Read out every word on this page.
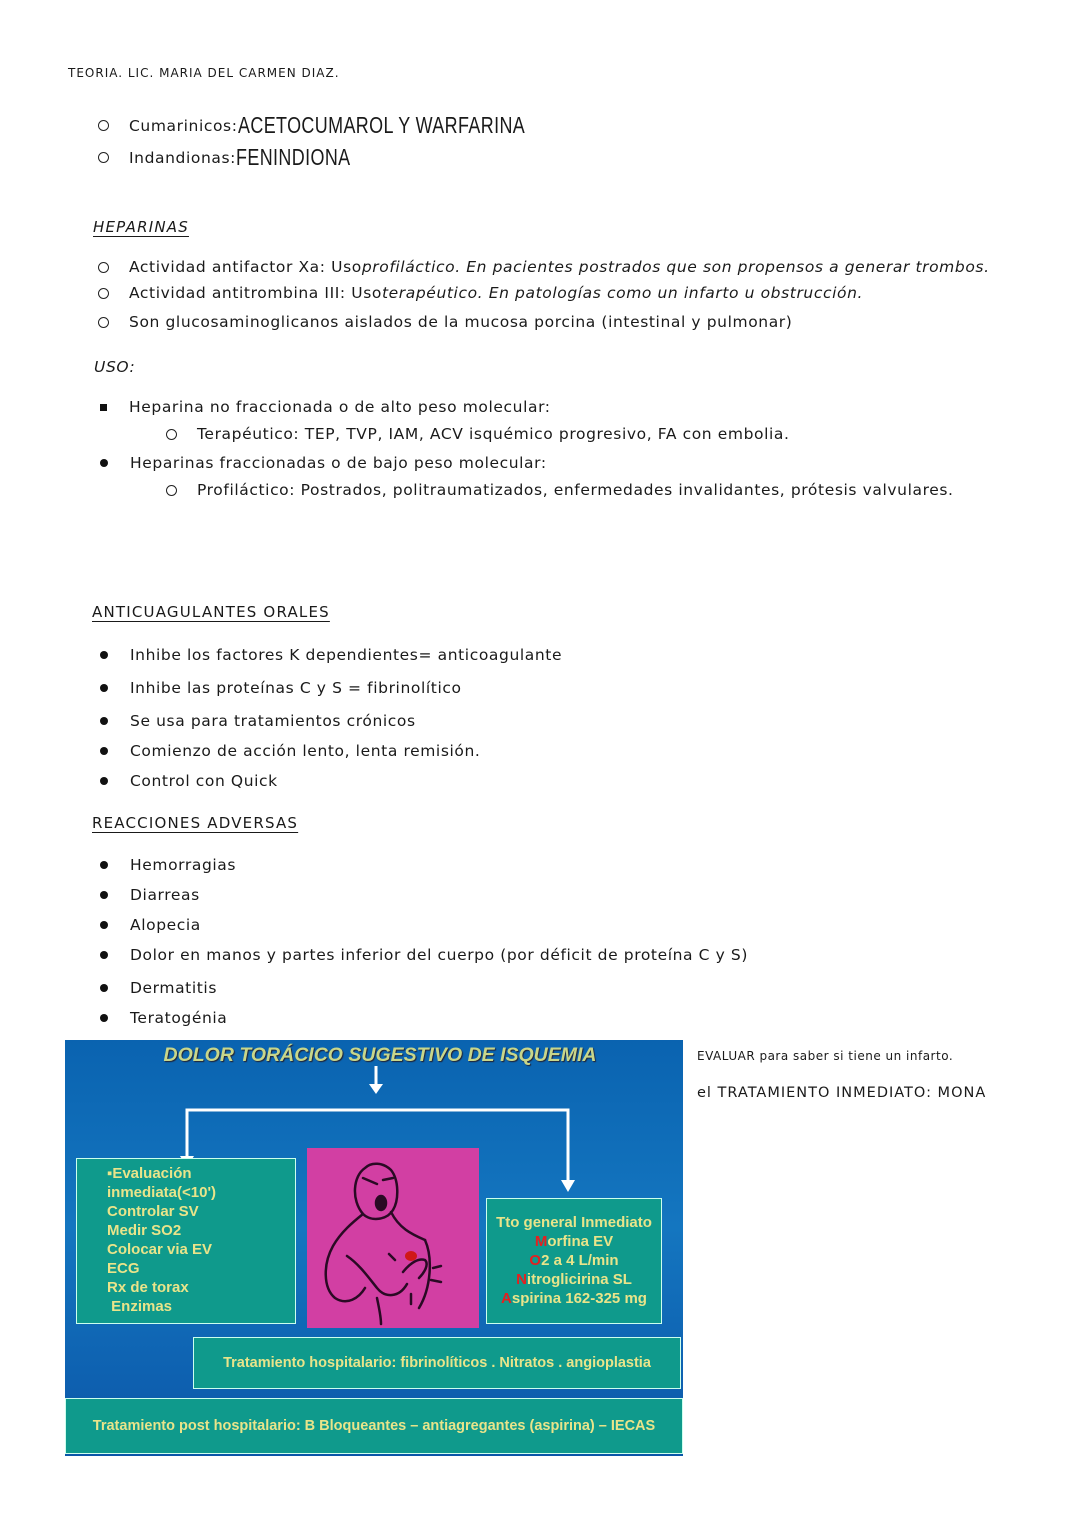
TEORIA. LIC. MARIA DEL CARMEN DIAZ.
Cumarinicos: ACETOCUMAROL Y WARFARINA
Indandionas: FENINDIONA
HEPARINAS
Actividad antifactor Xa: Uso profiláctico. En pacientes postrados que son propensos a generar trombos.
Actividad antitrombina III: Uso terapéutico. En patologías como un infarto u obstrucción.
Son glucosaminoglicanos aislados de la mucosa porcina (intestinal y pulmonar)
USO:
Heparina no fraccionada o de alto peso molecular:
Terapéutico: TEP, TVP, IAM, ACV isquémico progresivo, FA con embolia.
Heparinas fraccionadas o de bajo peso molecular:
Profiláctico: Postrados, politraumatizados, enfermedades invalidantes, prótesis valvulares.
ANTICUAGULANTES ORALES
Inhibe los factores K dependientes= anticoagulante
Inhibe las proteínas C y S = fibrinolítico
Se usa para tratamientos crónicos
Comienzo de acción lento, lenta remisión.
Control con Quick
REACCIONES ADVERSAS
Hemorragias
Diarreas
Alopecia
Dolor en manos y partes inferior del cuerpo (por déficit de proteína C y S)
Dermatitis
Teratogénia
DOLOR TORÁCICO SUGESTIVO DE ISQUEMIA
▪Evaluación
inmediata(<10')
Controlar SV
Medir SO2
Colocar via EV
ECG
Rx de torax
Enzimas
Tto general Inmediato
Morfina EV
O2 a 4 L/min
Nitroglicirina SL
Aspirina 162-325 mg
Tratamiento hospitalario: fibrinolíticos . Nitratos . angioplastia
Tratamiento post hospitalario: B Bloqueantes – antiagregantes (aspirina) – IECAS
EVALUAR para saber si tiene un infarto.
el TRATAMIENTO INMEDIATO: MONA
